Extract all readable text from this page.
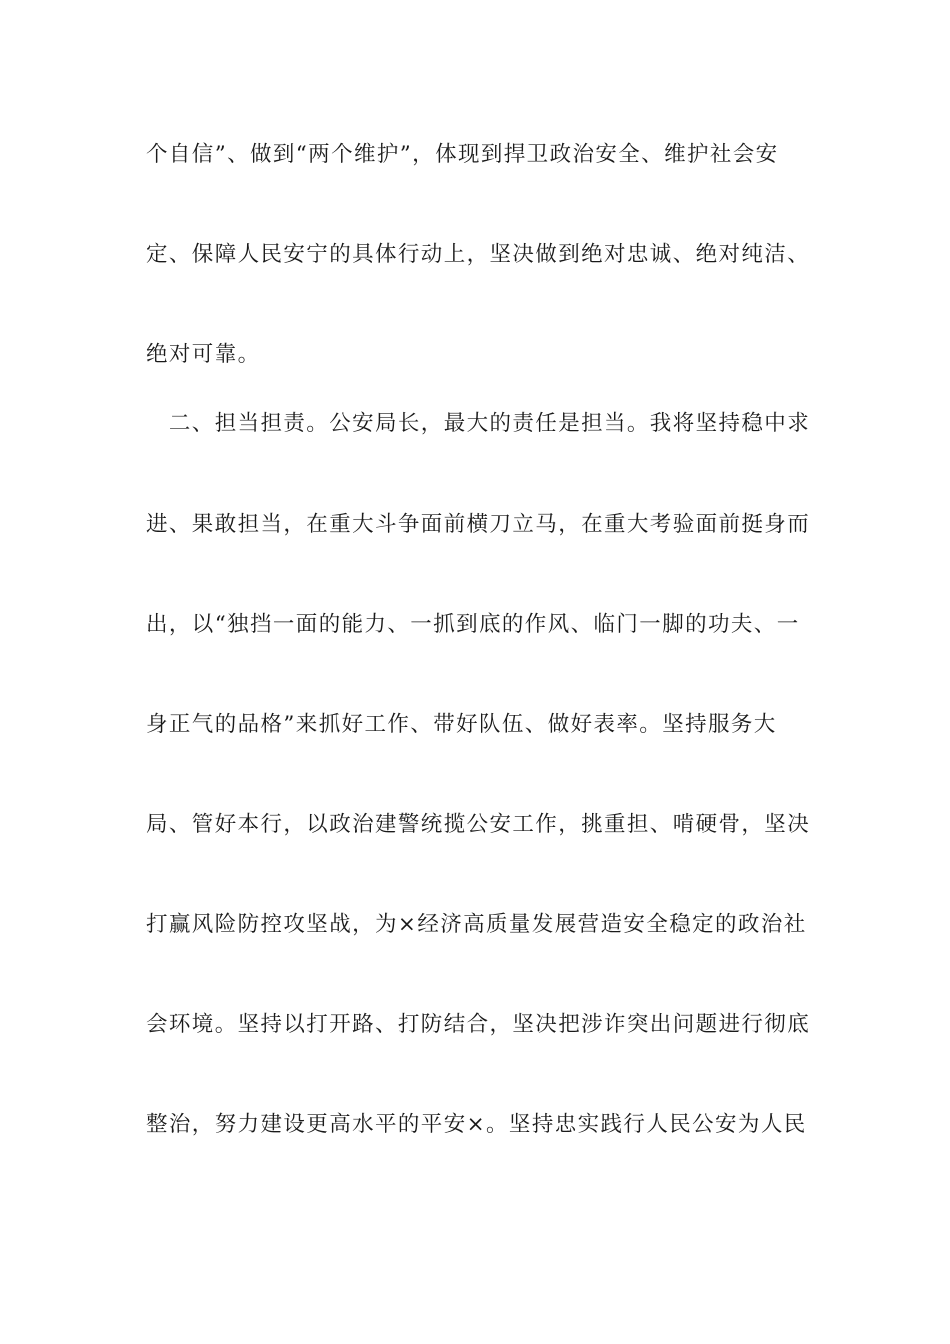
个自信”、做到“两个维护”，体现到捍卫政治安全、维护社会安
定、保障人民安宁的具体行动上，坚决做到绝对忠诚、绝对纯洁、
绝对可靠。
　二、担当担责。公安局长，最大的责任是担当。我将坚持稳中求
进、果敢担当，在重大斗争面前横刀立马，在重大考验面前挺身而
出，以“独挡一面的能力、一抓到底的作风、临门一脚的功夫、一
身正气的品格”来抓好工作、带好队伍、做好表率。坚持服务大
局、管好本行，以政治建警统揽公安工作，挑重担、啃硬骨，坚决
打赢风险防控攻坚战，为×经济高质量发展营造安全稳定的政治社
会环境。坚持以打开路、打防结合，坚决把涉诈突出问题进行彻底
整治，努力建设更高水平的平安×。坚持忠实践行人民公安为人民
